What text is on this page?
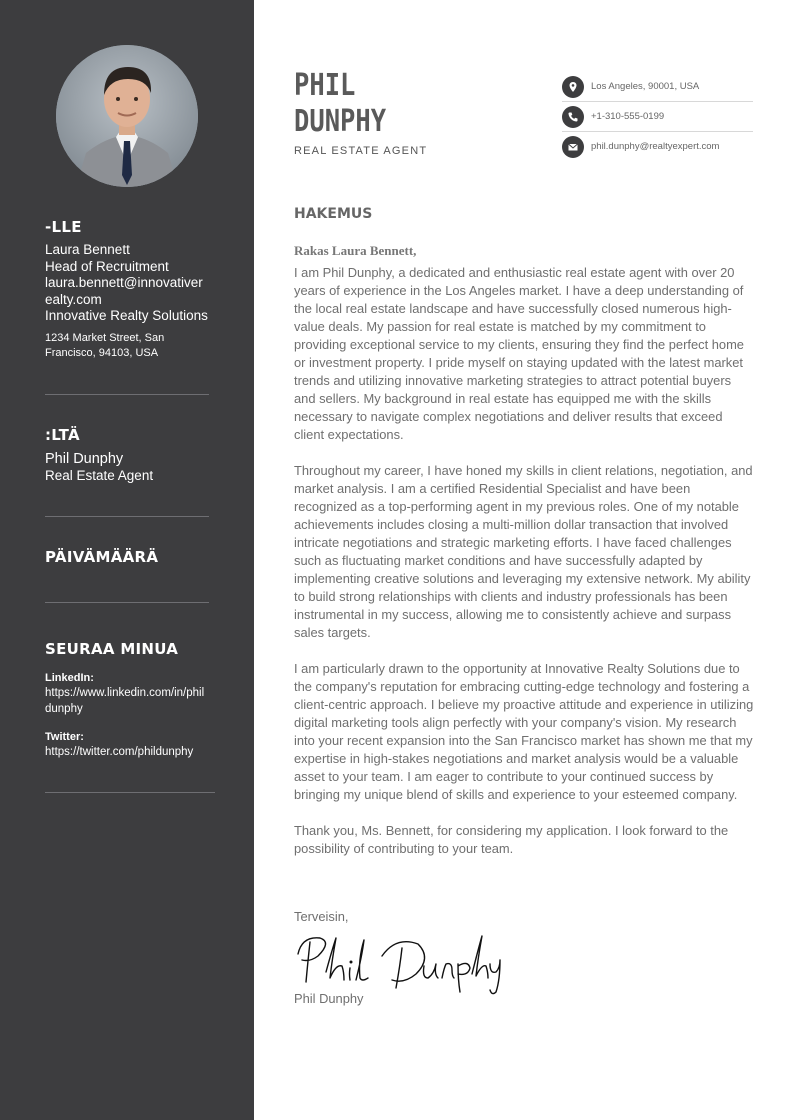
-LLE
Laura Bennett
Head of Recruitment
laura.bennett@innovativerealty.com
Innovative Realty Solutions
1234 Market Street, San Francisco, 94103, USA
:LTÄ
Phil Dunphy
Real Estate Agent
PÄIVÄMÄÄRÄ
SEURAA MINUA
LinkedIn:
https://www.linkedin.com/in/phildunphy
Twitter:
https://twitter.com/phildunphy
PHIL
DUNPHY
REAL ESTATE AGENT
Los Angeles, 90001, USA
+1-310-555-0199
phil.dunphy@realtyexpert.com
HAKEMUS
Rakas Laura Bennett,

I am Phil Dunphy, a dedicated and enthusiastic real estate agent with over 20 years of experience in the Los Angeles market. I have a deep understanding of the local real estate landscape and have successfully closed numerous high-value deals. My passion for real estate is matched by my commitment to providing exceptional service to my clients, ensuring they find the perfect home or investment property. I pride myself on staying updated with the latest market trends and utilizing innovative marketing strategies to attract potential buyers and sellers. My background in real estate has equipped me with the skills necessary to navigate complex negotiations and deliver results that exceed client expectations.

Throughout my career, I have honed my skills in client relations, negotiation, and market analysis. I am a certified Residential Specialist and have been recognized as a top-performing agent in my previous roles. One of my notable achievements includes closing a multi-million dollar transaction that involved intricate negotiations and strategic marketing efforts. I have faced challenges such as fluctuating market conditions and have successfully adapted by implementing creative solutions and leveraging my extensive network. My ability to build strong relationships with clients and industry professionals has been instrumental in my success, allowing me to consistently achieve and surpass sales targets.

I am particularly drawn to the opportunity at Innovative Realty Solutions due to the company's reputation for embracing cutting-edge technology and fostering a client-centric approach. I believe my proactive attitude and experience in utilizing digital marketing tools align perfectly with your company's vision. My research into your recent expansion into the San Francisco market has shown me that my expertise in high-stakes negotiations and market analysis would be a valuable asset to your team. I am eager to contribute to your continued success by bringing my unique blend of skills and experience to your esteemed company.

Thank you, Ms. Bennett, for considering my application. I look forward to the possibility of contributing to your team.

Terveisin,
Phil Dunphy
